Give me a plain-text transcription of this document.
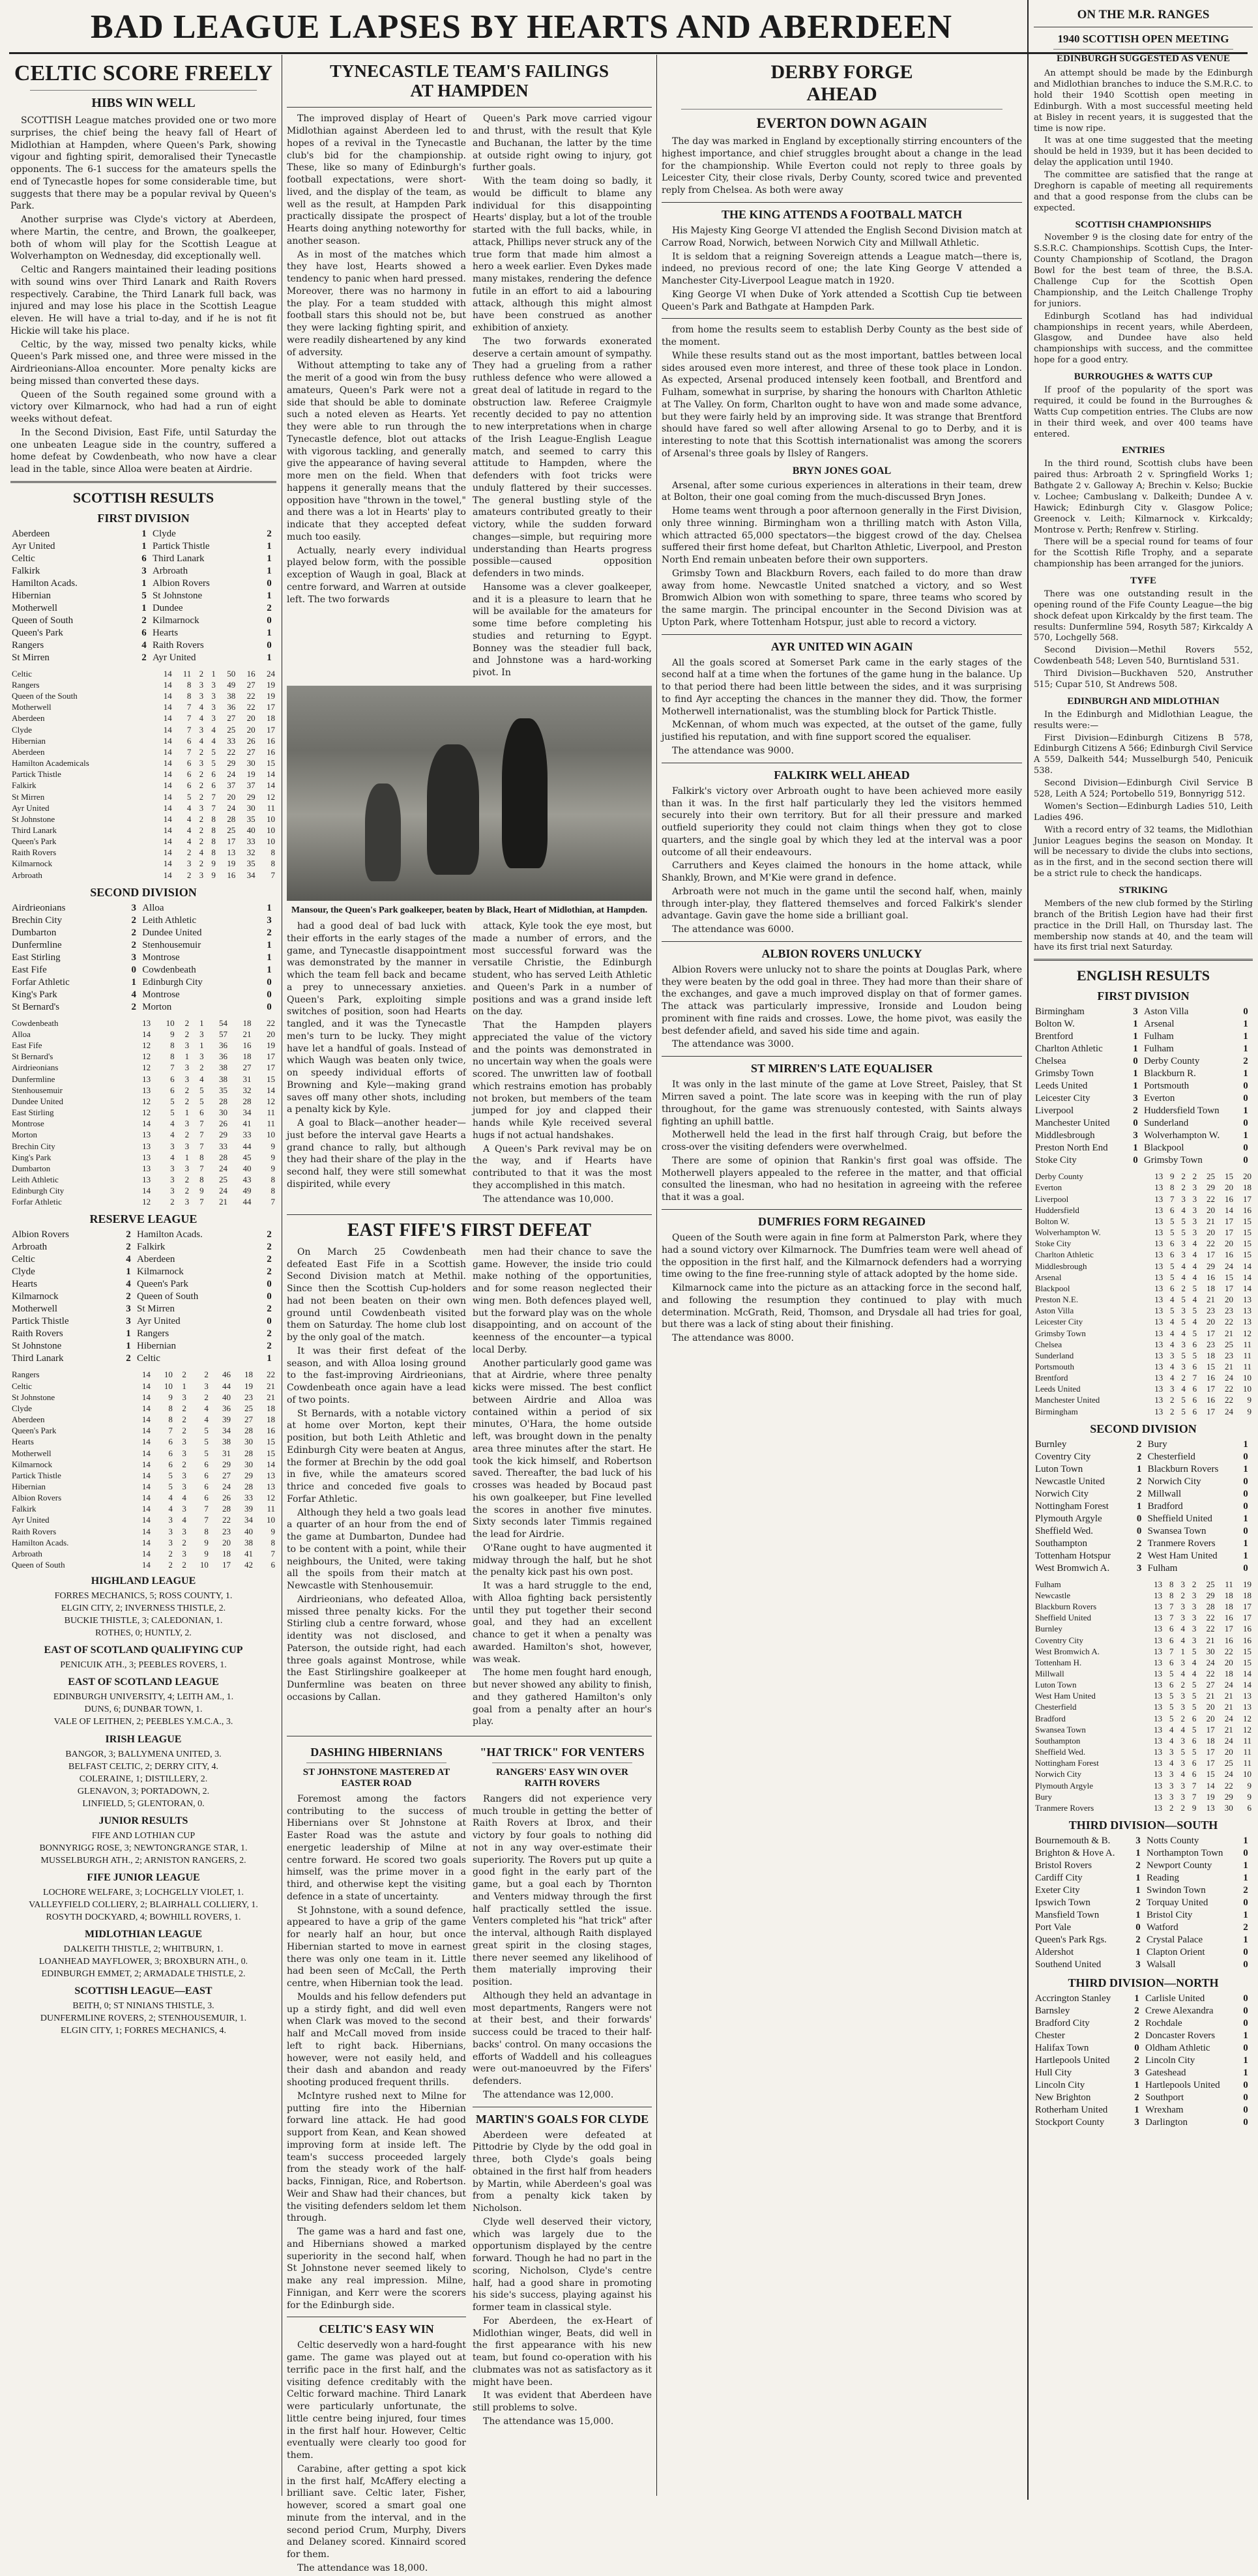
BAD LEAGUE LAPSES BY HEARTS AND ABERDEEN
CELTIC SCORE FREELY
HIBS WIN WELL

SCOTTISH League matches provided one or two more surprises, the chief being the heavy fall of Heart of Midlothian at Hampden, where Queen's Park, showing vigour and fighting spirit, demoralised their Tynecastle opponents. The 6-1 success for the amateurs spells the end of Tynecastle hopes for some considerable time, but suggests that there may be a popular revival by Queen's Park.

Another surprise was Clyde's victory at Aberdeen, where Martin, the centre, and Brown, the goalkeeper, both of whom will play for the Scottish League at Wolverhampton on Wednesday, did exceptionally well.

Celtic and Rangers maintained their leading positions with sound wins over Third Lanark and Raith Rovers respectively. Carabine, the Third Lanark full back, was injured and may lose his place in the Scottish League eleven. He will have a trial to-day, and if he is not fit Hickie will take his place.

Celtic, by the way, missed two penalty kicks, while Queen's Park missed one, and three were missed in the Airdrieonians-Alloa encounter. More penalty kicks are being missed than converted these days.

Queen of the South regained some ground with a victory over Kilmarnock, who had had a run of eight weeks without defeat.

In the Second Division, East Fife, until Saturday the one unbeaten League side in the country, suffered a home defeat by Cowdenbeath, who now have a clear lead in the table, since Alloa were beaten at Airdrie.

SCOTTISH RESULTS
FIRST DIVISION
Aberdeen	1	Clyde	2
Ayr United	1	Partick Thistle	1
Celtic	6	Third Lanark	1
Falkirk	3	Arbroath	1
Hamilton Acads.	1	Albion Rovers	0
Hibernian	5	St Johnstone	1
Motherwell	1	Dundee	2
Queen of South	2	Kilmarnock	0
Queen's Park	6	Hearts	1
Rangers	4	Raith Rovers	0
St Mirren	2	Ayr United	1
Celtic	14	11	2	1	50	16	24
Rangers	14	8	3	3	49	27	19
Queen of the South	14	8	3	3	38	22	19
Motherwell	14	7	4	3	36	22	17
Aberdeen	14	7	4	3	27	20	18
Clyde	14	7	3	4	25	20	17
Hibernian	14	6	4	4	33	26	16
Aberdeen	14	7	2	5	22	27	16
Hamilton Academicals	14	6	3	5	29	30	15
Partick Thistle	14	6	2	6	24	19	14
Falkirk	14	6	2	6	37	37	14
St Mirren	14	5	2	7	20	29	12
Ayr United	14	4	3	7	24	30	11
St Johnstone	14	4	2	8	28	35	10
Third Lanark	14	4	2	8	25	40	10
Queen's Park	14	4	2	8	17	33	10
Raith Rovers	14	2	4	8	13	32	8
Kilmarnock	14	3	2	9	19	35	8
Arbroath	14	2	3	9	16	34	7
SECOND DIVISION
Airdrieonians	3	Alloa	1
Brechin City	2	Leith Athletic	3
Dumbarton	2	Dundee United	2
Dunfermline	2	Stenhousemuir	1
East Stirling	3	Montrose	1
East Fife	0	Cowdenbeath	1
Forfar Athletic	1	Edinburgh City	0
King's Park	4	Montrose	0
St Bernard's	2	Morton	0
Cowdenbeath	13	10	2	1	54	18	22
Alloa	14	9	2	3	57	21	20
East Fife	12	8	3	1	36	16	19
St Bernard's	12	8	1	3	36	18	17
Airdrieonians	12	7	3	2	38	27	17
Dunfermline	13	6	3	4	38	31	15
Stenhousemuir	13	6	2	5	35	32	14
Dundee United	12	5	2	5	28	28	12
East Stirling	12	5	1	6	30	34	11
Montrose	14	4	3	7	26	41	11
Morton	13	4	2	7	29	33	10
Brechin City	13	3	3	7	33	44	9
King's Park	13	4	1	8	28	45	9
Dumbarton	13	3	3	7	24	40	9
Leith Athletic	13	3	2	8	25	43	8
Edinburgh City	14	3	2	9	24	49	8
Forfar Athletic	12	2	3	7	21	44	7
RESERVE LEAGUE
Albion Rovers	2	Hamilton Acads.	2
Arbroath	2	Falkirk	2
Celtic	4	Aberdeen	2
Clyde	1	Kilmarnock	2
Hearts	4	Queen's Park	0
Kilmarnock	2	Queen of South	0
Motherwell	3	St Mirren	2
Partick Thistle	3	Ayr United	0
Raith Rovers	1	Rangers	2
St Johnstone	1	Hibernian	2
Third Lanark	2	Celtic	1
Rangers	14	10	2	2	46	18	22
Celtic	14	10	1	3	44	19	21
St Johnstone	14	9	3	2	40	23	21
Clyde	14	8	2	4	36	25	18
Aberdeen	14	8	2	4	39	27	18
Queen's Park	14	7	2	5	34	28	16
Hearts	14	6	3	5	38	30	15
Motherwell	14	6	3	5	31	28	15
Kilmarnock	14	6	2	6	29	30	14
Partick Thistle	14	5	3	6	27	29	13
Hibernian	14	5	3	6	24	28	13
Albion Rovers	14	4	4	6	26	33	12
Falkirk	14	4	3	7	28	39	11
Ayr United	14	3	4	7	22	34	10
Raith Rovers	14	3	3	8	23	40	9
Hamilton Acads.	14	3	2	9	20	38	8
Arbroath	14	2	3	9	18	41	7
Queen of South	14	2	2	10	17	42	6
HIGHLAND LEAGUE
FORRES MECHANICS, 5; ROSS COUNTY, 1.
ELGIN CITY, 2; INVERNESS THISTLE, 2.
BUCKIE THISTLE, 3; CALEDONIAN, 1.
ROTHES, 0; HUNTLY, 2.
EAST OF SCOTLAND QUALIFYING CUP
PENICUIK ATH., 3; PEEBLES ROVERS, 1.
EAST OF SCOTLAND LEAGUE
EDINBURGH UNIVERSITY, 4; LEITH AM., 1.
DUNS, 6; DUNBAR TOWN, 1.
VALE OF LEITHEN, 2; PEEBLES Y.M.C.A., 3.
IRISH LEAGUE
BANGOR, 3; BALLYMENA UNITED, 3.
BELFAST CELTIC, 2; DERRY CITY, 4.
COLERAINE, 1; DISTILLERY, 2.
GLENAVON, 3; PORTADOWN, 2.
LINFIELD, 5; GLENTORAN, 0.
JUNIOR RESULTS
FIFE AND LOTHIAN CUP
BONNYRIGG ROSE, 3; NEWTONGRANGE STAR, 1.
MUSSELBURGH ATH., 2; ARNISTON RANGERS, 2.
FIFE JUNIOR LEAGUE
LOCHORE WELFARE, 3; LOCHGELLY VIOLET, 1.
VALLEYFIELD COLLIERY, 2; BLAIRHALL COLLIERY, 1.
ROSYTH DOCKYARD, 4; BOWHILL ROVERS, 1.
MIDLOTHIAN LEAGUE
DALKEITH THISTLE, 2; WHITBURN, 1.
LOANHEAD MAYFLOWER, 3; BROXBURN ATH., 0.
EDINBURGH EMMET, 2; ARMADALE THISTLE, 2.
SCOTTISH LEAGUE—EAST
BEITH, 0; ST NINIANS THISTLE, 3.
DUNFERMLINE ROVERS, 2; STENHOUSEMUIR, 1.
ELGIN CITY, 1; FORRES MECHANICS, 4.
TYNECASTLE TEAM'S FAILINGS AT HAMPDEN

The improved display of Heart of Midlothian against Aberdeen led to hopes of a revival in the Tynecastle club's bid for the championship. These, like so many of Edinburgh's football expectations, were short-lived, and the display of the team, as well as the result, at Hampden Park practically dissipate the prospect of Hearts doing anything noteworthy for another season.

As in most of the matches which they have lost, Hearts showed a tendency to panic when hard pressed. Moreover, there was no harmony in the play. For a team studded with football stars this should not be, but they were lacking fighting spirit, and were readily disheartened by any kind of adversity.

Without attempting to take any of the merit of a good win from the busy amateurs, Queen's Park were not a side that should be able to dominate such a noted eleven as Hearts. Yet they were able to run through the Tynecastle defence, blot out attacks with vigorous tackling, and generally give the appearance of having several more men on the field. When that happens it generally means that the opposition have "thrown in the towel," and there was a lot in Hearts' play to indicate that they accepted defeat much too easily.

Actually, nearly every individual played below form, with the possible exception of Waugh in goal, Black at centre forward, and Warren at outside left. The two forwards

Queen's Park move carried vigour and thrust, with the result that Kyle and Buchanan, the latter by the time at outside right owing to injury, got further goals.

With the team doing so badly, it would be difficult to blame any individual for this disappointing Hearts' display, but a lot of the trouble started with the full backs, while, in attack, Phillips never struck any of the true form that made him almost a hero a week earlier. Even Dykes made many mistakes, rendering the defence futile in an effort to aid a labouring attack, although this might almost have been construed as another exhibition of anxiety.

The two forwards exonerated deserve a certain amount of sympathy. They had a grueling from a rather ruthless defence who were allowed a great deal of latitude in regard to the obstruction law. Referee Craigmyle recently decided to pay no attention to new interpretations when in charge of the Irish League-English League match, and seemed to carry this attitude to Hampden, where the defenders with foot tricks were unduly flattered by their successes. The general bustling style of the amateurs contributed greatly to their victory, while the sudden forward changes—simple, but requiring more understanding than Hearts progress possible—caused opposition defenders in two minds.

Hansome was a clever goalkeeper, and it is a pleasure to learn that he will be available for the amateurs for some time before completing his studies and returning to Egypt. Bonney was the steadier full back, and Johnstone was a hard-working pivot. In

Mansour, the Queen's Park goalkeeper, beaten by Black, Heart of Midlothian, at Hampden.

had a good deal of bad luck with their efforts in the early stages of the game, and Tynecastle disappointment was demonstrated by the manner in which the team fell back and became a prey to unnecessary anxieties. Queen's Park, exploiting simple switches of position, soon had Hearts tangled, and it was the Tynecastle men's turn to be lucky. They might have let a handful of goals. Instead of which Waugh was beaten only twice, on speedy individual efforts of Browning and Kyle—making grand saves off many other shots, including a penalty kick by Kyle.

A goal to Black—another header—just before the interval gave Hearts a grand chance to rally, but although they had their share of the play in the second half, they were still somewhat dispirited, while every

attack, Kyle took the eye most, but made a number of errors, and the most successful forward was the versatile Christie, the Edinburgh student, who has served Leith Athletic and Queen's Park in a number of positions and was a grand inside left on the day.

That the Hampden players appreciated the value of the victory and the points was demonstrated in no uncertain way when the goals were scored. The unwritten law of football which restrains emotion has probably not broken, but members of the team jumped for joy and clapped their hands while Kyle received several hugs if not actual handshakes.

A Queen's Park revival may be on the way, and if Hearts have contributed to that it was the most they accomplished in this match.

The attendance was 10,000.

EAST FIFE'S FIRST DEFEAT

On March 25 Cowdenbeath defeated East Fife in a Scottish Second Division match at Methil. Since then the Scottish Cup-holders had not been beaten on their own ground until Cowdenbeath visited them on Saturday. The home club lost by the only goal of the match.

It was their first defeat of the season, and with Alloa losing ground to the fast-improving Airdrieonians, Cowdenbeath once again have a lead of two points.

St Bernards, with a notable victory at home over Morton, kept their position, but both Leith Athletic and Edinburgh City were beaten at Angus, the former at Brechin by the odd goal in five, while the amateurs scored thrice and conceded five goals to Forfar Athletic.

Although they held a two goals lead a quarter of an hour from the end of the game at Dumbarton, Dundee had to be content with a point, while their neighbours, the United, were taking all the spoils from their match at Newcastle with Stenhousemuir.

Airdrieonians, who defeated Alloa, missed three penalty kicks. For the Stirling club a centre forward, whose identity was not disclosed, and Paterson, the outside right, had each three goals against Montrose, while the East Stirlingshire goalkeeper at Dunfermline was beaten on three occasions by Callan.

men had their chance to save the game. However, the inside trio could make nothing of the opportunities, and for some reason neglected their wing men. Both defences played well, but the forward play was on the whole disappointing, and on account of the keenness of the encounter—a typical local Derby.

Another particularly good game was that at Airdrie, where three penalty kicks were missed. The best conflict between Airdrie and Alloa was contained within a period of six minutes, O'Hara, the home outside left, was brought down in the penalty area three minutes after the start. He took the kick himself, and Robertson saved. Thereafter, the bad luck of his crosses was headed by Bocaud past his own goalkeeper, but Fine levelled the scores in another five minutes. Sixty seconds later Timmis regained the lead for Airdrie.

O'Rane ought to have augmented it midway through the half, but he shot the penalty kick past his own post.

It was a hard struggle to the end, with Alloa fighting back persistently until they put together their second goal, and they had an excellent chance to get it when a penalty was awarded. Hamilton's shot, however, was weak.

The home men fought hard enough, but never showed any ability to finish, and they gathered Hamilton's only goal from a penalty after an hour's play.

DASHING HIBERNIANS
ST JOHNSTONE MASTERED AT EASTER ROAD

Foremost among the factors contributing to the success of Hibernians over St Johnstone at Easter Road was the astute and energetic leadership of Milne at centre forward. He scored two goals himself, was the prime mover in a third, and otherwise kept the visiting defence in a state of uncertainty.

St Johnstone, with a sound defence, appeared to have a grip of the game for nearly half an hour, but once Hibernian started to move in earnest there was only one team in it. Little had been seen of McCall, the Perth centre, when Hibernian took the lead.

Moulds and his fellow defenders put up a stirdy fight, and did well even when Clark was moved to the second half and McCall moved from inside left to right back. Hibernians, however, were not easily held, and their dash and abandon and ready shooting produced frequent thrills.

McIntyre rushed next to Milne for putting fire into the Hibernian forward line attack. He had good support from Kean, and Kean showed improving form at inside left. The team's success proceeded largely from the steady work of the half-backs, Finnigan, Rice, and Robertson. Weir and Shaw had their chances, but the visiting defenders seldom let them through.

The game was a hard and fast one, and Hibernians showed a marked superiority in the second half, when St Johnstone never seemed likely to make any real impression. Milne, Finnigan, and Kerr were the scorers for the Edinburgh side.

CELTIC'S EASY WIN

Celtic deservedly won a hard-fought game. The game was played out at terrific pace in the first half, and the visiting defence creditably with the Celtic forward machine. Third Lanark were particularly unfortunate, the little centre being injured, four times in the first half hour. However, Celtic eventually were clearly too good for them.

Carabine, after getting a spot kick in the first half, McAffery electing a brilliant save. Celtic later, Fisher, however, scored a smart goal one minute from the interval, and in the second period Crum, Murphy, Divers and Delaney scored. Kinnaird scored for them.

The attendance was 18,000.

"HAT TRICK" FOR VENTERS
RANGERS' EASY WIN OVER RAITH ROVERS

Rangers did not experience very much trouble in getting the better of Raith Rovers at Ibrox, and their victory by four goals to nothing did not in any way over-estimate their superiority. The Rovers put up quite a good fight in the early part of the game, but a goal each by Thornton and Venters midway through the first half practically settled the issue. Venters completed his "hat trick" after the interval, although Raith displayed great spirit in the closing stages, there never seemed any likelihood of them materially improving their position.

Although they held an advantage in most departments, Rangers were not at their best, and their forwards' success could be traced to their half-backs' control. On many occasions the efforts of Waddell and his colleagues were out-manoeuvred by the Fifers' defenders.

The attendance was 12,000.

MARTIN'S GOALS FOR CLYDE

Aberdeen were defeated at Pittodrie by Clyde by the odd goal in three, both Clyde's goals being obtained in the first half from headers by Martin, while Aberdeen's goal was from a penalty kick taken by Nicholson.

Clyde well deserved their victory, which was largely due to the opportunism displayed by the centre forward. Though he had no part in the scoring, Nicholson, Clyde's centre half, had a good share in promoting his side's success, playing against his former team in classical style.

For Aberdeen, the ex-Heart of Midlothian winger, Beats, did well in the first appearance with his new team, but found co-operation with his clubmates was not as satisfactory as it might have been.

It was evident that Aberdeen have still problems to solve.

The attendance was 15,000.

DERBY FORGE AHEAD
EVERTON DOWN AGAIN

The day was marked in England by exceptionally stirring encounters of the highest importance, and chief struggles brought about a change in the lead for the championship. While Everton could not reply to three goals by Leicester City, their close rivals, Derby County, scored twice and prevented reply from Chelsea. As both were away

THE KING ATTENDS A FOOTBALL MATCH

His Majesty King George VI attended the English Second Division match at Carrow Road, Norwich, between Norwich City and Millwall Athletic.

It is seldom that a reigning Sovereign attends a League match—there is, indeed, no previous record of one; the late King George V attended a Manchester City-Liverpool League match in 1920.

King George VI when Duke of York attended a Scottish Cup tie between Queen's Park and Bathgate at Hampden Park.

from home the results seem to establish Derby County as the best side of the moment.

While these results stand out as the most important, battles between local sides aroused even more interest, and three of these took place in London. As expected, Arsenal produced intensely keen football, and Brentford and Fulham, somewhat in surprise, by sharing the honours with Charlton Athletic at The Valley. On form, Charlton ought to have won and made some advance, but they were fairly held by an improving side. It was strange that Brentford should have fared so well after allowing Arsenal to go to Derby, and it is interesting to note that this Scottish internationalist was among the scorers of Arsenal's three goals by Ilsley of Rangers.

BRYN JONES GOAL

Arsenal, after some curious experiences in alterations in their team, drew at Bolton, their one goal coming from the much-discussed Bryn Jones.

Home teams went through a poor afternoon generally in the First Division, only three winning. Birmingham won a thrilling match with Aston Villa, which attracted 65,000 spectators—the biggest crowd of the day. Chelsea suffered their first home defeat, but Charlton Athletic, Liverpool, and Preston North End remain unbeaten before their own supporters.

Grimsby Town and Blackburn Rovers, each failed to do more than draw away from home. Newcastle United snatched a victory, and so West Bromwich Albion won with something to spare, three teams who scored by the same margin. The principal encounter in the Second Division was at Upton Park, where Tottenham Hotspur, just able to record a victory.

AYR UNITED WIN AGAIN

All the goals scored at Somerset Park came in the early stages of the second half at a time when the fortunes of the game hung in the balance. Up to that period there had been little between the sides, and it was surprising to find Ayr accepting the chances in the manner they did. Thow, the former Motherwell internationalist, was the stumbling block for Partick Thistle.

McKennan, of whom much was expected, at the outset of the game, fully justified his reputation, and with fine support scored the equaliser.

The attendance was 9000.

FALKIRK WELL AHEAD

Falkirk's victory over Arbroath ought to have been achieved more easily than it was. In the first half particularly they led the visitors hemmed securely into their own territory. But for all their pressure and marked outfield superiority they could not claim things when they got to close quarters, and the single goal by which they led at the interval was a poor outcome of all their endeavours.

Carruthers and Keyes claimed the honours in the home attack, while Shankly, Brown, and M'Kie were grand in defence.

Arbroath were not much in the game until the second half, when, mainly through inter-play, they flattered themselves and forced Falkirk's slender advantage. Gavin gave the home side a brilliant goal.

The attendance was 6000.

ALBION ROVERS UNLUCKY

Albion Rovers were unlucky not to share the points at Douglas Park, where they were beaten by the odd goal in three. They had more than their share of the exchanges, and gave a much improved display on that of former games. The attack was particularly impressive, Ironside and Loudon being prominent with fine raids and crosses. Lowe, the home pivot, was easily the best defender afield, and saved his side time and again.

The attendance was 3000.

ST MIRREN'S LATE EQUALISER

It was only in the last minute of the game at Love Street, Paisley, that St Mirren saved a point. The late score was in keeping with the run of play throughout, for the game was strenuously contested, with Saints always fighting an uphill battle.

Motherwell held the lead in the first half through Craig, but before the cross-over the visiting defenders were overwhelmed.

There are some of opinion that Rankin's first goal was offside. The Motherwell players appealed to the referee in the matter, and that official consulted the linesman, who had no hesitation in agreeing with the referee that it was a goal.

DUMFRIES FORM REGAINED

Queen of the South were again in fine form at Palmerston Park, where they had a sound victory over Kilmarnock. The Dumfries team were well ahead of the opposition in the first half, and the Kilmarnock defenders had a worrying time owing to the fine free-running style of attack adopted by the home side.

Kilmarnock came into the picture as an attacking force in the second half, and following the resumption they continued to play with much determination. McGrath, Reid, Thomson, and Drysdale all had tries for goal, but there was a lack of sting about their finishing.

The attendance was 8000.

ON THE M.R. RANGES
1940 SCOTTISH OPEN MEETING
EDINBURGH SUGGESTED AS VENUE

An attempt should be made by the Edinburgh and Midlothian branches to induce the S.M.R.C. to hold their 1940 Scottish open meeting in Edinburgh. With a most successful meeting held at Bisley in recent years, it is suggested that the time is now ripe.

It was at one time suggested that the meeting should be held in 1939, but it has been decided to delay the application until 1940.

The committee are satisfied that the range at Dreghorn is capable of meeting all requirements and that a good response from the clubs can be expected.

SCOTTISH CHAMPIONSHIPS

November 9 is the closing date for entry of the S.S.R.C. Championships. Scottish Cups, the Inter-County Championship of Scotland, the Dragon Bowl for the best team of three, the B.S.A. Challenge Cup for the Scottish Open Championship, and the Leitch Challenge Trophy for juniors.

Edinburgh Scotland has had individual championships in recent years, while Aberdeen, Glasgow, and Dundee have also held championships with success, and the committee hope for a good entry.

BURROUGHES & WATTS CUP

If proof of the popularity of the sport was required, it could be found in the Burroughes & Watts Cup competition entries. The Clubs are now in their third week, and over 400 teams have entered.

ENTRIES

In the third round, Scottish clubs have been paired thus: Arbroath 2 v. Springfield Works 1; Bathgate 2 v. Galloway A; Brechin v. Kelso; Buckie v. Lochee; Cambuslang v. Dalkeith; Dundee A v. Hawick; Edinburgh City v. Glasgow Police; Greenock v. Leith; Kilmarnock v. Kirkcaldy; Montrose v. Perth; Renfrew v. Stirling.

There will be a special round for teams of four for the Scottish Rifle Trophy, and a separate championship has been arranged for the juniors.

TYFE

There was one outstanding result in the opening round of the Fife County League—the big shock defeat upon Kirkcaldy by the first team. The results: Dunfermline 594, Rosyth 587; Kirkcaldy A 570, Lochgelly 568.

Second Division—Methil Rovers 552, Cowdenbeath 548; Leven 540, Burntisland 531.

Third Division—Buckhaven 520, Anstruther 515; Cupar 510, St Andrews 508.

EDINBURGH AND MIDLOTHIAN

In the Edinburgh and Midlothian League, the results were:—

First Division—Edinburgh Citizens B 578, Edinburgh Citizens A 566; Edinburgh Civil Service A 559, Dalkeith 544; Musselburgh 540, Penicuik 538.

Second Division—Edinburgh Civil Service B 528, Leith A 524; Portobello 519, Bonnyrigg 512.

Women's Section—Edinburgh Ladies 510, Leith Ladies 496.

With a record entry of 32 teams, the Midlothian Junior Leagues begins the season on Monday. It will be necessary to divide the clubs into sections, as in the first, and in the second section there will be a strict rule to check the handicaps.

STRIKING

Members of the new club formed by the Stirling branch of the British Legion have had their first practice in the Drill Hall, on Thursday last. The membership now stands at 40, and the team will have its first trial next Saturday.

ENGLISH RESULTS
FIRST DIVISION
Birmingham	3	Aston Villa	0
Bolton W.	1	Arsenal	1
Brentford	1	Fulham	1
Charlton Athletic	1	Fulham	1
Chelsea	0	Derby County	2
Grimsby Town	1	Blackburn R.	1
Leeds United	1	Portsmouth	0
Leicester City	3	Everton	0
Liverpool	2	Huddersfield Town	1
Manchester United	0	Sunderland	0
Middlesbrough	3	Wolverhampton W.	1
Preston North End	1	Blackpool	0
Stoke City	0	Grimsby Town	0
Derby County	13	9	2	2	25	15	20
Everton	13	8	2	3	29	20	18
Liverpool	13	7	3	3	22	16	17
Huddersfield	13	6	4	3	20	14	16
Bolton W.	13	5	5	3	21	17	15
Wolverhampton W.	13	5	5	3	20	17	15
Stoke City	13	6	3	4	22	20	15
Charlton Athletic	13	6	3	4	17	16	15
Middlesbrough	13	5	4	4	29	24	14
Arsenal	13	5	4	4	16	15	14
Blackpool	13	6	2	5	18	17	14
Preston N.E.	13	4	5	4	21	20	13
Aston Villa	13	5	3	5	23	23	13
Leicester City	13	4	5	4	20	22	13
Grimsby Town	13	4	4	5	17	21	12
Chelsea	13	4	3	6	23	25	11
Sunderland	13	3	5	5	18	23	11
Portsmouth	13	4	3	6	15	21	11
Brentford	13	4	2	7	16	24	10
Leeds United	13	3	4	6	17	22	10
Manchester United	13	2	5	6	16	22	9
Birmingham	13	2	5	6	17	24	9
SECOND DIVISION
Burnley	2	Bury	1
Coventry City	2	Chesterfield	0
Luton Town	1	Blackburn Rovers	1
Newcastle United	2	Norwich City	0
Norwich City	2	Millwall	0
Nottingham Forest	1	Bradford	0
Plymouth Argyle	0	Sheffield United	1
Sheffield Wed.	0	Swansea Town	0
Southampton	2	Tranmere Rovers	1
Tottenham Hotspur	2	West Ham United	1
West Bromwich A.	3	Fulham	0
Fulham	13	8	3	2	25	11	19
Newcastle	13	8	2	3	29	18	18
Blackburn Rovers	13	7	3	3	28	18	17
Sheffield United	13	7	3	3	22	16	17
Burnley	13	6	4	3	22	17	16
Coventry City	13	6	4	3	21	16	16
West Bromwich A.	13	7	1	5	30	22	15
Tottenham H.	13	6	3	4	24	20	15
Millwall	13	5	4	4	22	18	14
Luton Town	13	6	2	5	27	24	14
West Ham United	13	5	3	5	21	21	13
Chesterfield	13	5	3	5	20	21	13
Bradford	13	5	2	6	20	24	12
Swansea Town	13	4	4	5	17	21	12
Southampton	13	4	3	6	18	24	11
Sheffield Wed.	13	3	5	5	17	20	11
Nottingham Forest	13	4	3	6	17	25	11
Norwich City	13	3	4	6	15	24	10
Plymouth Argyle	13	3	3	7	14	22	9
Bury	13	3	3	7	19	29	9
Tranmere Rovers	13	2	2	9	13	30	6
THIRD DIVISION—SOUTH
Bournemouth & B.	3	Notts County	1
Brighton & Hove A.	1	Northampton Town	0
Bristol Rovers	2	Newport County	1
Cardiff City	1	Reading	1
Exeter City	1	Swindon Town	2
Ipswich Town	2	Torquay United	0
Mansfield Town	1	Bristol City	1
Port Vale	0	Watford	2
Queen's Park Rgs.	2	Crystal Palace	1
Aldershot	1	Clapton Orient	0
Southend United	3	Walsall	0
THIRD DIVISION—NORTH
Accrington Stanley	1	Carlisle United	0
Barnsley	2	Crewe Alexandra	0
Bradford City	2	Rochdale	0
Chester	2	Doncaster Rovers	1
Halifax Town	0	Oldham Athletic	0
Hartlepools United	2	Lincoln City	1
Hull City	3	Gateshead	1
Lincoln City	1	Hartlepools United	0
New Brighton	2	Southport	0
Rotherham United	1	Wrexham	0
Stockport County	3	Darlington	0
